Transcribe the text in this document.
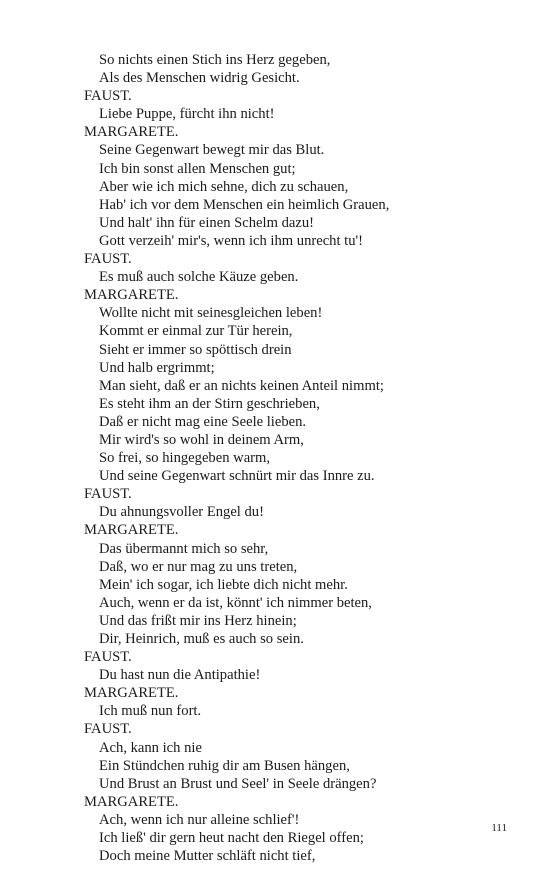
So nichts einen Stich ins Herz gegeben,
Als des Menschen widrig Gesicht.
FAUST.
Liebe Puppe, fürcht ihn nicht!
MARGARETE.
Seine Gegenwart bewegt mir das Blut.
Ich bin sonst allen Menschen gut;
Aber wie ich mich sehne, dich zu schauen,
Hab' ich vor dem Menschen ein heimlich Grauen,
Und halt' ihn für einen Schelm dazu!
Gott verzeih' mir's, wenn ich ihm unrecht tu'!
FAUST.
Es muß auch solche Käuze geben.
MARGARETE.
Wollte nicht mit seinesgleichen leben!
Kommt er einmal zur Tür herein,
Sieht er immer so spöttisch drein
Und halb ergrimmt;
Man sieht, daß er an nichts keinen Anteil nimmt;
Es steht ihm an der Stirn geschrieben,
Daß er nicht mag eine Seele lieben.
Mir wird's so wohl in deinem Arm,
So frei, so hingegeben warm,
Und seine Gegenwart schnürt mir das Innre zu.
FAUST.
Du ahnungsvoller Engel du!
MARGARETE.
Das übermannt mich so sehr,
Daß, wo er nur mag zu uns treten,
Mein' ich sogar, ich liebte dich nicht mehr.
Auch, wenn er da ist, könnt' ich nimmer beten,
Und das frißt mir ins Herz hinein;
Dir, Heinrich, muß es auch so sein.
FAUST.
Du hast nun die Antipathie!
MARGARETE.
Ich muß nun fort.
FAUST.
Ach, kann ich nie
Ein Stündchen ruhig dir am Busen hängen,
Und Brust an Brust und Seel' in Seele drängen?
MARGARETE.
Ach, wenn ich nur alleine schlief'!
Ich ließ' dir gern heut nacht den Riegel offen;
Doch meine Mutter schläft nicht tief,
111
